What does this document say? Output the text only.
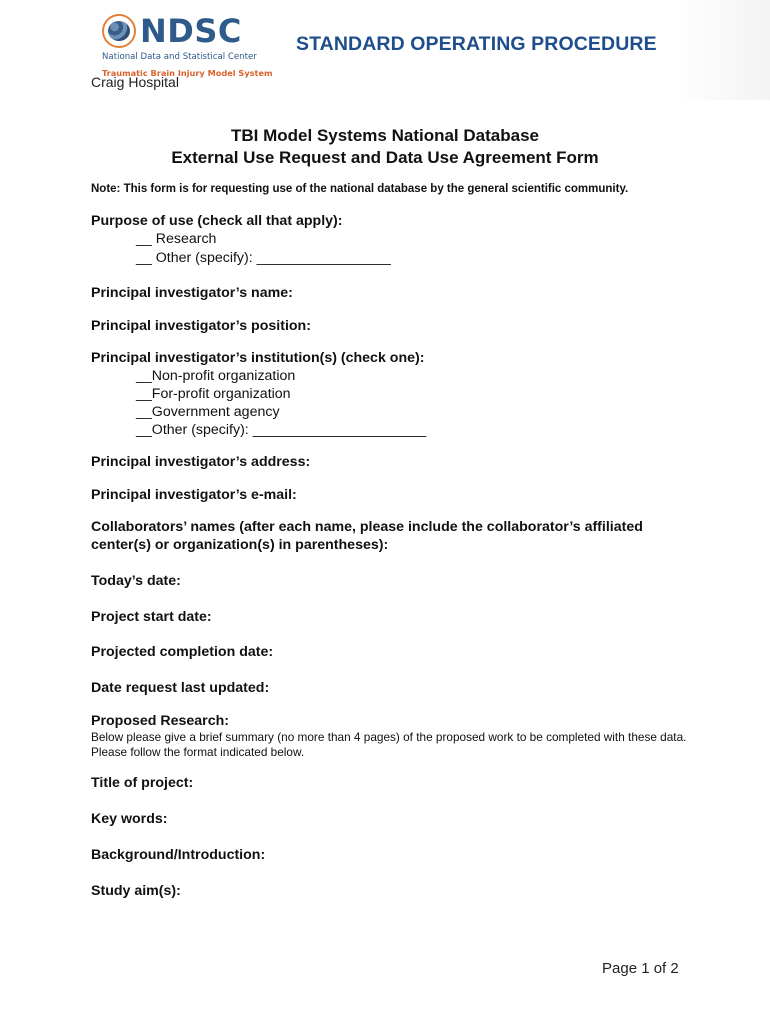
NDSC
National Data and Statistical Center
Traumatic Brain Injury Model System
Craig Hospital
STANDARD OPERATING PROCEDURE
TBI Model Systems National Database
External Use Request and Data Use Agreement Form
Note: This form is for requesting use of the national database by the general scientific community.
Purpose of use (check all that apply):
__ Research
__ Other (specify): _________________
Principal investigator’s name:
Principal investigator’s position:
Principal investigator’s institution(s) (check one):
__Non-profit organization
__For-profit organization
__Government agency
__Other (specify): ______________________
Principal investigator’s address:
Principal investigator’s e-mail:
Collaborators’ names (after each name, please include the collaborator’s affiliated center(s) or organization(s) in parentheses):
Today’s date:
Project start date:
Projected completion date:
Date request last updated:
Proposed Research:
Below please give a brief summary (no more than 4 pages) of the proposed work to be completed with these data. Please follow the format indicated below.
Title of project:
Key words:
Background/Introduction:
Study aim(s):
Page 1 of 2
